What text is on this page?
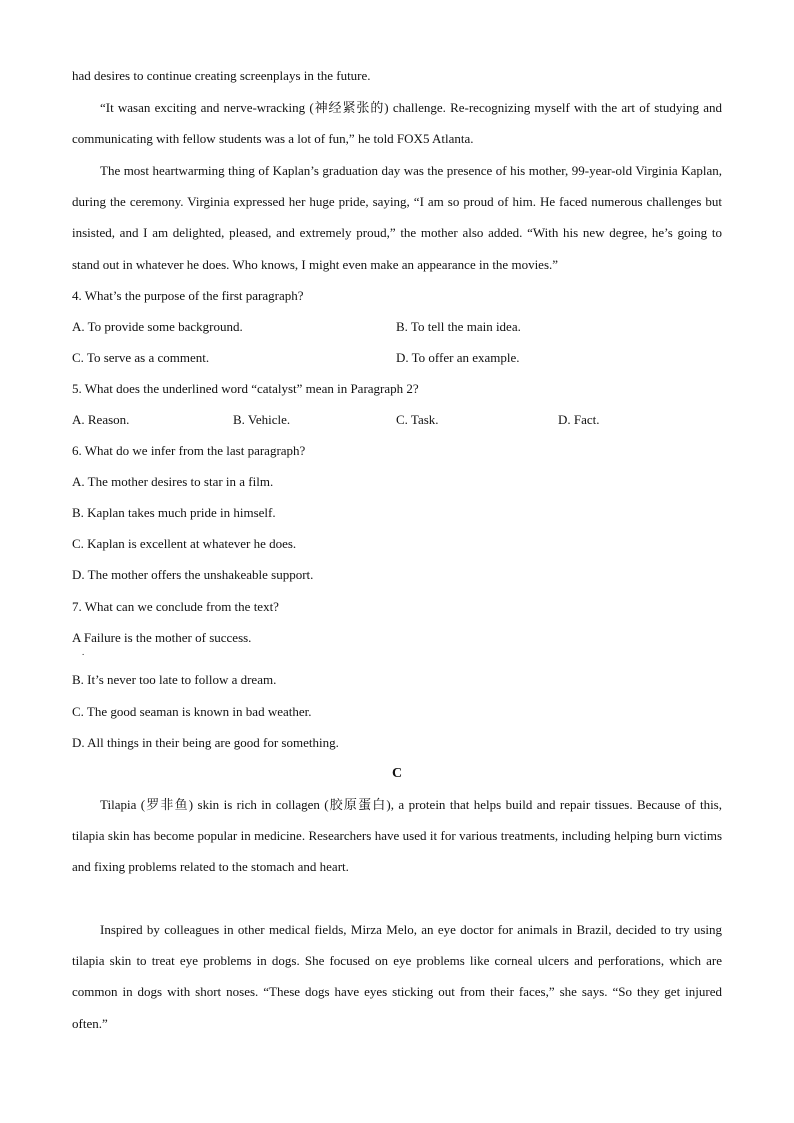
had desires to continue creating screenplays in the future.

“It wasan exciting and nerve-wracking (神经紧张的) challenge. Re-recognizing myself with the art of studying and communicating with fellow students was a lot of fun,” he told FOX5 Atlanta.

The most heartwarming thing of Kaplan’s graduation day was the presence of his mother, 99-year-old Virginia Kaplan, during the ceremony. Virginia expressed her huge pride, saying, “I am so proud of him. He faced numerous challenges but insisted, and I am delighted, pleased, and extremely proud,” the mother also added. “With his new degree, he’s going to stand out in whatever he does. Who knows, I might even make an appearance in the movies.”

4. What’s the purpose of the first paragraph?
A. To provide some background.	B. To tell the main idea.
C. To serve as a comment.	D. To offer an example.
5. What does the underlined word “catalyst” mean in Paragraph 2?
A. Reason.	B. Vehicle.	C. Task.	D. Fact.
6. What do we infer from the last paragraph?
A. The mother desires to star in a film.
B. Kaplan takes much pride in himself.
C. Kaplan is excellent at whatever he does.
D. The mother offers the unshakeable support.
7. What can we conclude from the text?
A Failure is the mother of success.
.
B. It’s never too late to follow a dream.
C. The good seaman is known in bad weather.
D. All things in their being are good for something.
C

Tilapia (罗非鱼) skin is rich in collagen (胶原蛋白), a protein that helps build and repair tissues. Because of this, tilapia skin has become popular in medicine. Researchers have used it for various treatments, including helping burn victims and fixing problems related to the stomach and heart.

Inspired by colleagues in other medical fields, Mirza Melo, an eye doctor for animals in Brazil, decided to try using tilapia skin to treat eye problems in dogs. She focused on eye problems like corneal ulcers and perforations, which are common in dogs with short noses. “These dogs have eyes sticking out from their faces,” she says. “So they get injured often.”
